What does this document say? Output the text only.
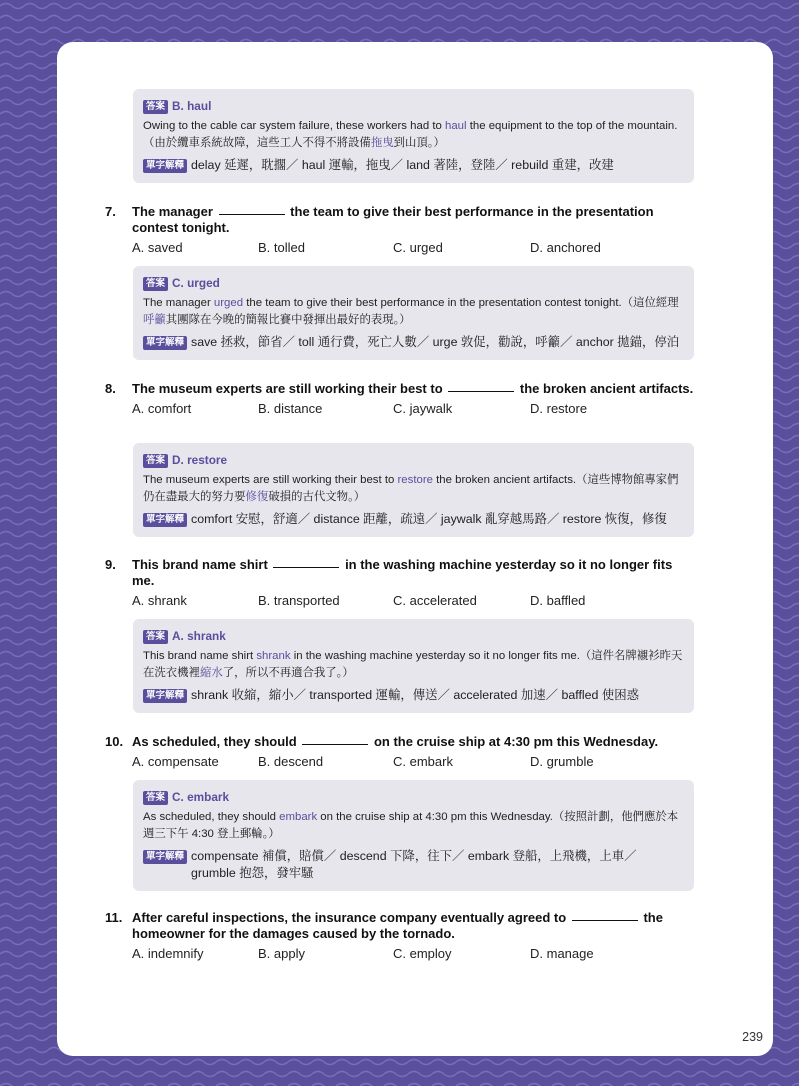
答案 B. haul
Owing to the cable car system failure, these workers had to haul the equipment to the top of the mountain.（由於纜車系統故障，這些工人不得不將設備拖曳到山頂。）
單字解釋 delay 延遲，耽擱／ haul 運輸，拖曳／ land 著陸，登陸／ rebuild 重建，改建
7.	The manager	the team to give their best performance in the presentation contest tonight.
A. saved	B. tolled	C. urged	D. anchored
答案 C. urged
The manager urged the team to give their best performance in the presentation contest tonight.（這位經理呼籲其團隊在今晚的簡報比賽中發揮出最好的表現。）
單字解釋 save 拯救，節省／ toll 通行費，死亡人數／ urge 敦促，勸說，呼籲／ anchor 拋錨，停泊
8.	The museum experts are still working their best to	the broken ancient artifacts.
A. comfort	B. distance	C. jaywalk	D. restore
答案 D. restore
The museum experts are still working their best to restore the broken ancient artifacts.（這些博物館專家們仍在盡最大的努力要修復破損的古代文物。）
單字解釋 comfort 安慰，舒適／ distance 距離，疏遠／ jaywalk 亂穿越馬路／ restore 恢復，修復
9.	This brand name shirt	in the washing machine yesterday so it no longer fits me.
A. shrank	B. transported	C. accelerated	D. baffled
答案 A. shrank
This brand name shirt shrank in the washing machine yesterday so it no longer fits me.（這件名牌襯衫昨天在洗衣機裡縮水了，所以不再適合我了。）
單字解釋 shrank 收縮，縮小／ transported 運輸，傳送／ accelerated 加速／ baffled 使困惑
10. As scheduled, they should	on the cruise ship at 4:30 pm this Wednesday.
A. compensate	B. descend	C. embark	D. grumble
答案 C. embark
As scheduled, they should embark on the cruise ship at 4:30 pm this Wednesday.（按照計劃，他們應於本週三下午 4:30 登上郵輪。）
單字解釋 compensate 補償，賠償／ descend 下降，往下／ embark 登船，上飛機，上車／ grumble 抱怨，發牢騷
11. After careful inspections, the insurance company eventually agreed to	the homeowner for the damages caused by the tornado.
A. indemnify	B. apply	C. employ	D. manage
239
